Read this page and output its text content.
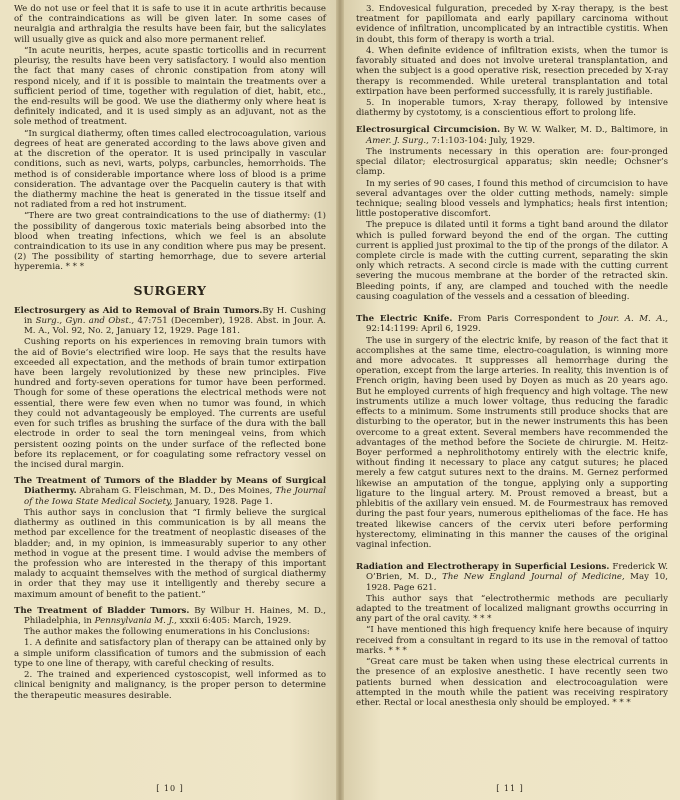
We do not use or feel that it is safe to use it in acute arthritis because of the contraindications as will be given later. In some cases of neuralgia and arthralgia the results have been fair, but the salicylates will usually give as quick and also more permanent relief.

“In acute neuritis, herpes, acute spastic torticollis and in recurrent pleurisy, the results have been very satisfactory. I would also mention the fact that many cases of chronic constipation from atony will respond nicely, and if it is possible to maintain the treatments over a sufficient period of time, together with regulation of diet, habit, etc., the end-results will be good. We use the diathermy only where heat is definitely indicated, and it is used simply as an adjuvant, not as the sole method of treatment.

“In surgical diathermy, often times called electrocoagulation, various degrees of heat are generated according to the laws above given and at the discretion of the operator. It is used principally in vascular conditions, such as nevi, warts, polyps, carbuncles, hemorrhoids. The method is of considerable importance where loss of blood is a prime consideration. The advantage over the Pacquelin cautery is that with the diathermy machine the heat is generated in the tissue itself and not radiated from a red hot instrument.

“There are two great contraindications to the use of diathermy: (1) the possibility of dangerous toxic materials being absorbed into the blood when treating infections, which we feel is an absolute contraindication to its use in any condition where pus may be present. (2) The possibility of starting hemorrhage, due to severe arterial hyperemia. * * *

SURGERY

Electrosurgery as Aid to Removal of Brain Tumors.By H. Cushing in Surg., Gyn. and Obst., 47:751 (December), 1928. Abst. in Jour. A. M. A., Vol. 92, No. 2, January 12, 1929. Page 181.

Cushing reports on his experiences in removing brain tumors with the aid of Bovie’s electrified wire loop. He says that the results have exceeded all expectation, and the methods of brain tumor extirpation have been largely revolutionized by these new principles. Five hundred and forty-seven operations for tumor have been performed. Though for some of these operations the electrical methods were not essential, there were few even when no tumor was found, in which they could not advantageously be employed. The currents are useful even for such trifles as brushing the surface of the dura with the ball electrode in order to seal the torn meningeal veins, from which persistent oozing points on the under surface of the reflected bone before its replacement, or for coagulating some refractory vessel on the incised dural margin.

The Treatment of Tumors of the Bladder by Means of Surgical Diathermy. Abraham G. Fleischman, M. D., Des Moines, The Journal of the Iowa State Medical Society, January, 1928. Page 1.

This author says in conclusion that “I firmly believe the surgical diathermy as outlined in this communication is by all means the method par excellence for the treatment of neoplastic diseases of the bladder; and, in my opinion, is immeasurably superior to any other method in vogue at the present time. I would advise the members of the profession who are interested in the therapy of this important malady to acquaint themselves with the method of surgical diathermy in order that they may use it intelligently and thereby secure a maximum amount of benefit to the patient.”

The Treatment of Bladder Tumors. By Wilbur H. Haines, M. D., Philadelphia, in Pennsylvania M. J., xxxii 6:405: March, 1929.

The author makes the following enumerations in his Conclusions:

1. A definite and satisfactory plan of therapy can be attained only by a simple uniform classification of tumors and the submission of each type to one line of therapy, with careful checking of results.

2. The trained and experienced cystoscopist, well informed as to clinical benignity and malignancy, is the proper person to determine the therapeutic measures desirable.

[ 10 ]

3. Endovesical fulguration, preceded by X-ray therapy, is the best treatment for papillomata and early papillary carcinoma without evidence of infiltration, uncomplicated by an intractible cystitis. When in doubt, this form of therapy is worth a trial.

4. When definite evidence of infiltration exists, when the tumor is favorably situated and does not involve ureteral transplantation, and when the subject is a good operative risk, resection preceded by X-ray therapy is recommended. While ureteral transplantation and total extirpation have been performed successfully, it is rarely justifiable.

5. In inoperable tumors, X-ray therapy, followed by intensive diathermy by cystotomy, is a conscientious effort to prolong life.

Electrosurgical Circumcision. By W. W. Walker, M. D., Baltimore, in Amer. J. Surg., 7:1:103-104: July, 1929.

The instruments necessary in this operation are: four-pronged special dilator; electrosurgical apparatus; skin needle; Ochsner’s clamp.

In my series of 90 cases, I found this method of circumcision to have several advantages over the older cutting methods, namely: simple technique; sealing blood vessels and lymphatics; heals first intention; little postoperative discomfort.

The prepuce is dilated until it forms a tight band around the dilator which is pulled forward beyond the end of the organ. The cutting current is applied just proximal to the tip of the prongs of the dilator. A complete circle is made with the cutting current, separating the skin only which retracts. A second circle is made with the cutting current severing the mucous membrane at the border of the retracted skin. Bleeding points, if any, are clamped and touched with the needle causing coagulation of the vessels and a cessation of bleeding.

The Electric Knife. From Paris Correspondent to Jour. A. M. A., 92:14:1199: April 6, 1929.

The use in surgery of the electric knife, by reason of the fact that it accomplishes at the same time, electro-coagulation, is winning more and more advocates. It suppresses all hemorrhage during the operation, except from the large arteries. In reality, this invention is of French origin, having been used by Doyen as much as 20 years ago. But he employed currents of high frequency and high voltage. The new instruments utilize a much lower voltage, thus reducing the faradic effects to a minimum. Some instruments still produce shocks that are disturbing to the operator, but in the newer instruments this has been overcome to a great extent. Several members have recommended the advantages of the method before the Societe de chirurgie. M. Heitz-Boyer performed a nephrolithotomy entirely with the electric knife, without finding it necessary to place any catgut sutures; he placed merely a few catgut sutures next to the drains. M. Gernez performed likewise an amputation of the tongue, applying only a supporting ligature to the lingual artery. M. Proust removed a breast, but a phlebitis of the axillary vein ensued. M. de Fourmestraux has removed during the past four years, numerous epitheliomas of the face. He has treated likewise cancers of the cervix uteri before performing hysterectomy, eliminating in this manner the causes of the original vaginal infection.

Radiation and Electrotherapy in Superficial Lesions. Frederick W. O’Brien, M. D., The New England Journal of Medicine, May 10, 1928. Page 621.

This author says that “electrothermic methods are peculiarly adapted to the treatment of localized malignant growths occurring in any part of the oral cavity. * * *

“I have mentioned this high frequency knife here because of inquiry received from a consultant in regard to its use in the removal of tattoo marks. * * *

“Great care must be taken when using these electrical currents in the presence of an explosive anesthetic. I have recently seen two patients burned when dessication and electrocoagulation were attempted in the mouth while the patient was receiving respiratory ether. Rectal or local anesthesia only should be employed. * * *

[ 11 ]
